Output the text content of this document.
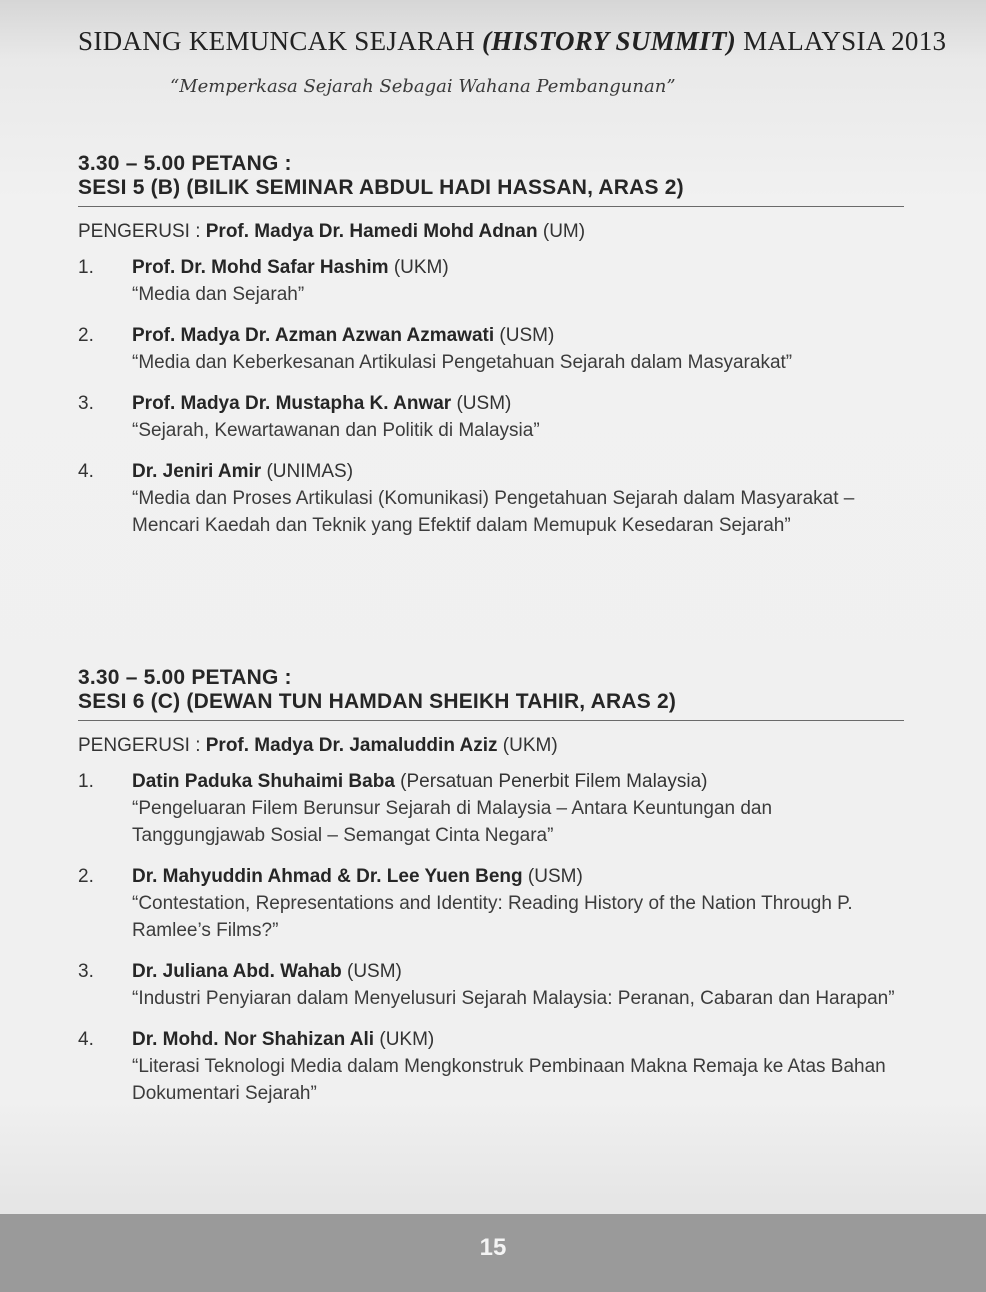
SIDANG KEMUNCAK SEJARAH (HISTORY SUMMIT) MALAYSIA 2013
“Memperkasa Sejarah Sebagai Wahana Pembangunan”
3.30 – 5.00 PETANG :
SESI 5 (B) (BILIK SEMINAR ABDUL HADI HASSAN, ARAS 2)
PENGERUSI : Prof. Madya Dr. Hamedi Mohd Adnan (UM)
1. Prof. Dr. Mohd Safar Hashim (UKM)
“Media dan Sejarah”
2. Prof. Madya Dr. Azman Azwan Azmawati (USM)
“Media dan Keberkesanan Artikulasi Pengetahuan Sejarah dalam Masyarakat”
3. Prof. Madya Dr. Mustapha K. Anwar (USM)
“Sejarah, Kewartawanan dan Politik di Malaysia”
4. Dr. Jeniri Amir (UNIMAS)
“Media dan Proses Artikulasi (Komunikasi) Pengetahuan Sejarah dalam Masyarakat – Mencari Kaedah dan Teknik yang Efektif dalam Memupuk Kesedaran Sejarah”
3.30 – 5.00 PETANG :
SESI 6 (C) (DEWAN TUN HAMDAN SHEIKH TAHIR, ARAS 2)
PENGERUSI : Prof. Madya Dr. Jamaluddin Aziz (UKM)
1. Datin Paduka Shuhaimi Baba (Persatuan Penerbit Filem Malaysia)
“Pengeluaran Filem Berunsur Sejarah di Malaysia – Antara Keuntungan dan Tanggungjawab Sosial – Semangat Cinta Negara”
2. Dr. Mahyuddin Ahmad & Dr. Lee Yuen Beng (USM)
“Contestation, Representations and Identity: Reading History of the Nation Through P. Ramlee’s Films?”
3. Dr. Juliana Abd. Wahab (USM)
“Industri Penyiaran dalam Menyelusuri Sejarah Malaysia: Peranan, Cabaran dan Harapan”
4. Dr. Mohd. Nor Shahizan Ali (UKM)
“Literasi Teknologi Media dalam Mengkonstruk Pembinaan Makna Remaja ke Atas Bahan Dokumentari Sejarah”
15
